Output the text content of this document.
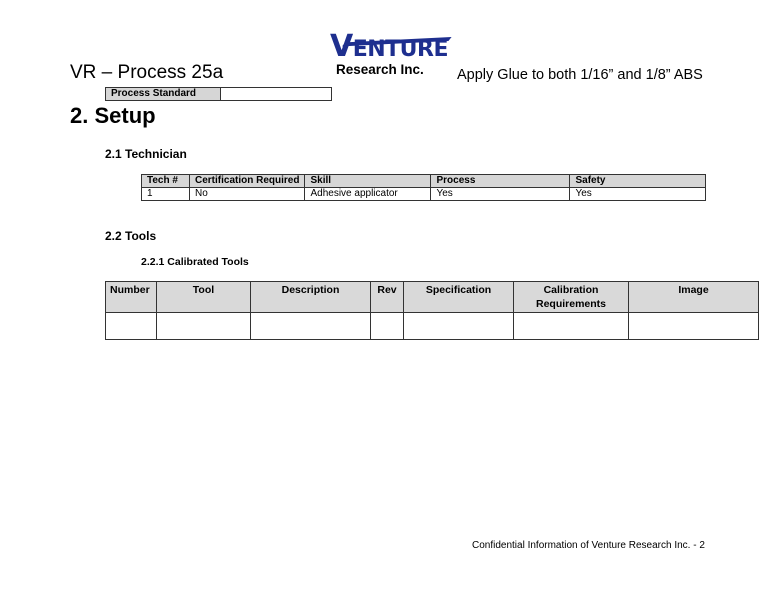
VR – Process 25a
VENTURE
Research Inc. Apply Glue to both 1/16” and 1/8” ABS
Process Standard	
2. Setup
2.1 Technician
Tech #	Certification Required	Skill	Process	Safety
1	No	Adhesive applicator	Yes	Yes
2.2 Tools
2.2.1 Calibrated Tools
Number	Tool	Description	Rev	Specification	Calibration Requirements	Image

Confidential Information of Venture Research Inc. - 2
